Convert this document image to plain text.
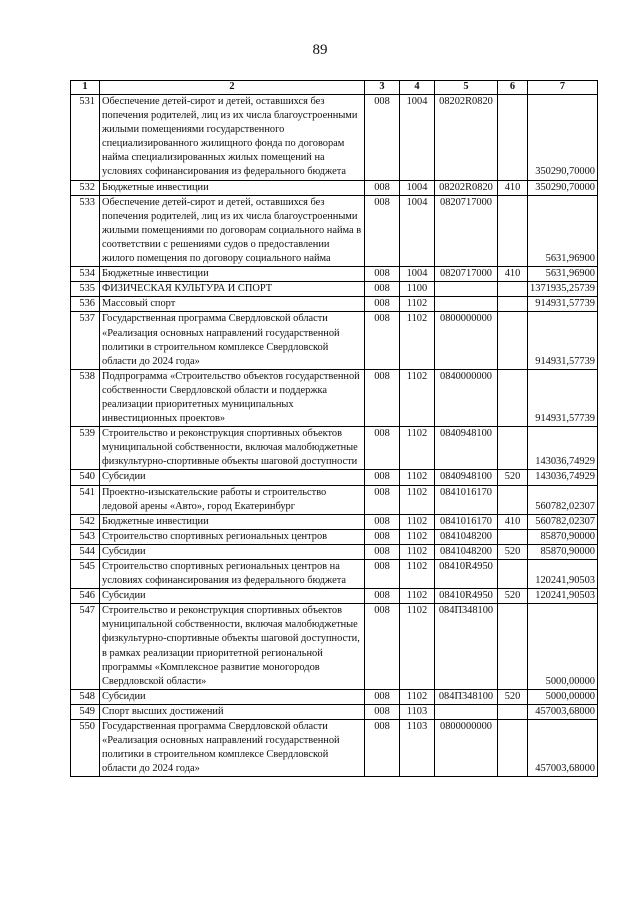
89
1	2	3	4	5	6	7
531	Обеспечение детей-сирот и детей, оставшихся без попечения родителей, лиц из их числа благоустроенными жилыми помещениями государственного специализированного жилищного фонда по договорам найма специализированных жилых помещений на условиях софинансирования из федерального бюджета	008	1004	08202R0820		350290,70000
532	Бюджетные инвестиции	008	1004	08202R0820	410	350290,70000
533	Обеспечение детей-сирот и детей, оставшихся без попечения родителей, лиц из их числа благоустроенными жилыми помещениями по договорам социального найма в соответствии с решениями судов о предоставлении жилого помещения по договору социального найма	008	1004	0820717000		5631,96900
534	Бюджетные инвестиции	008	1004	0820717000	410	5631,96900
535	ФИЗИЧЕСКАЯ КУЛЬТУРА И СПОРТ	008	1100			1371935,25739
536	Массовый спорт	008	1102			914931,57739
537	Государственная программа Свердловской области «Реализация основных направлений государственной политики в строительном комплексе Свердловской области до 2024 года»	008	1102	0800000000		914931,57739
538	Подпрограмма «Строительство объектов государственной собственности Свердловской области и поддержка реализации приоритетных муниципальных инвестиционных проектов»	008	1102	0840000000		914931,57739
539	Строительство и реконструкция спортивных объектов муниципальной собственности, включая малобюджетные физкультурно-спортивные объекты шаговой доступности	008	1102	0840948100		143036,74929
540	Субсидии	008	1102	0840948100	520	143036,74929
541	Проектно-изыскательские работы и строительство ледовой арены «Авто», город Екатеринбург	008	1102	0841016170		560782,02307
542	Бюджетные инвестиции	008	1102	0841016170	410	560782,02307
543	Строительство спортивных региональных центров	008	1102	0841048200		85870,90000
544	Субсидии	008	1102	0841048200	520	85870,90000
545	Строительство спортивных региональных центров на условиях софинансирования из федерального бюджета	008	1102	08410R4950		120241,90503
546	Субсидии	008	1102	08410R4950	520	120241,90503
547	Строительство и реконструкция спортивных объектов муниципальной собственности, включая малобюджетные физкультурно-спортивные объекты шаговой доступности, в рамках реализации приоритетной региональной программы «Комплексное развитие моногородов Свердловской области»	008	1102	084П348100		5000,00000
548	Субсидии	008	1102	084П348100	520	5000,00000
549	Спорт высших достижений	008	1103			457003,68000
550	Государственная программа Свердловской области «Реализация основных направлений государственной политики в строительном комплексе Свердловской области до 2024 года»	008	1103	0800000000		457003,68000
